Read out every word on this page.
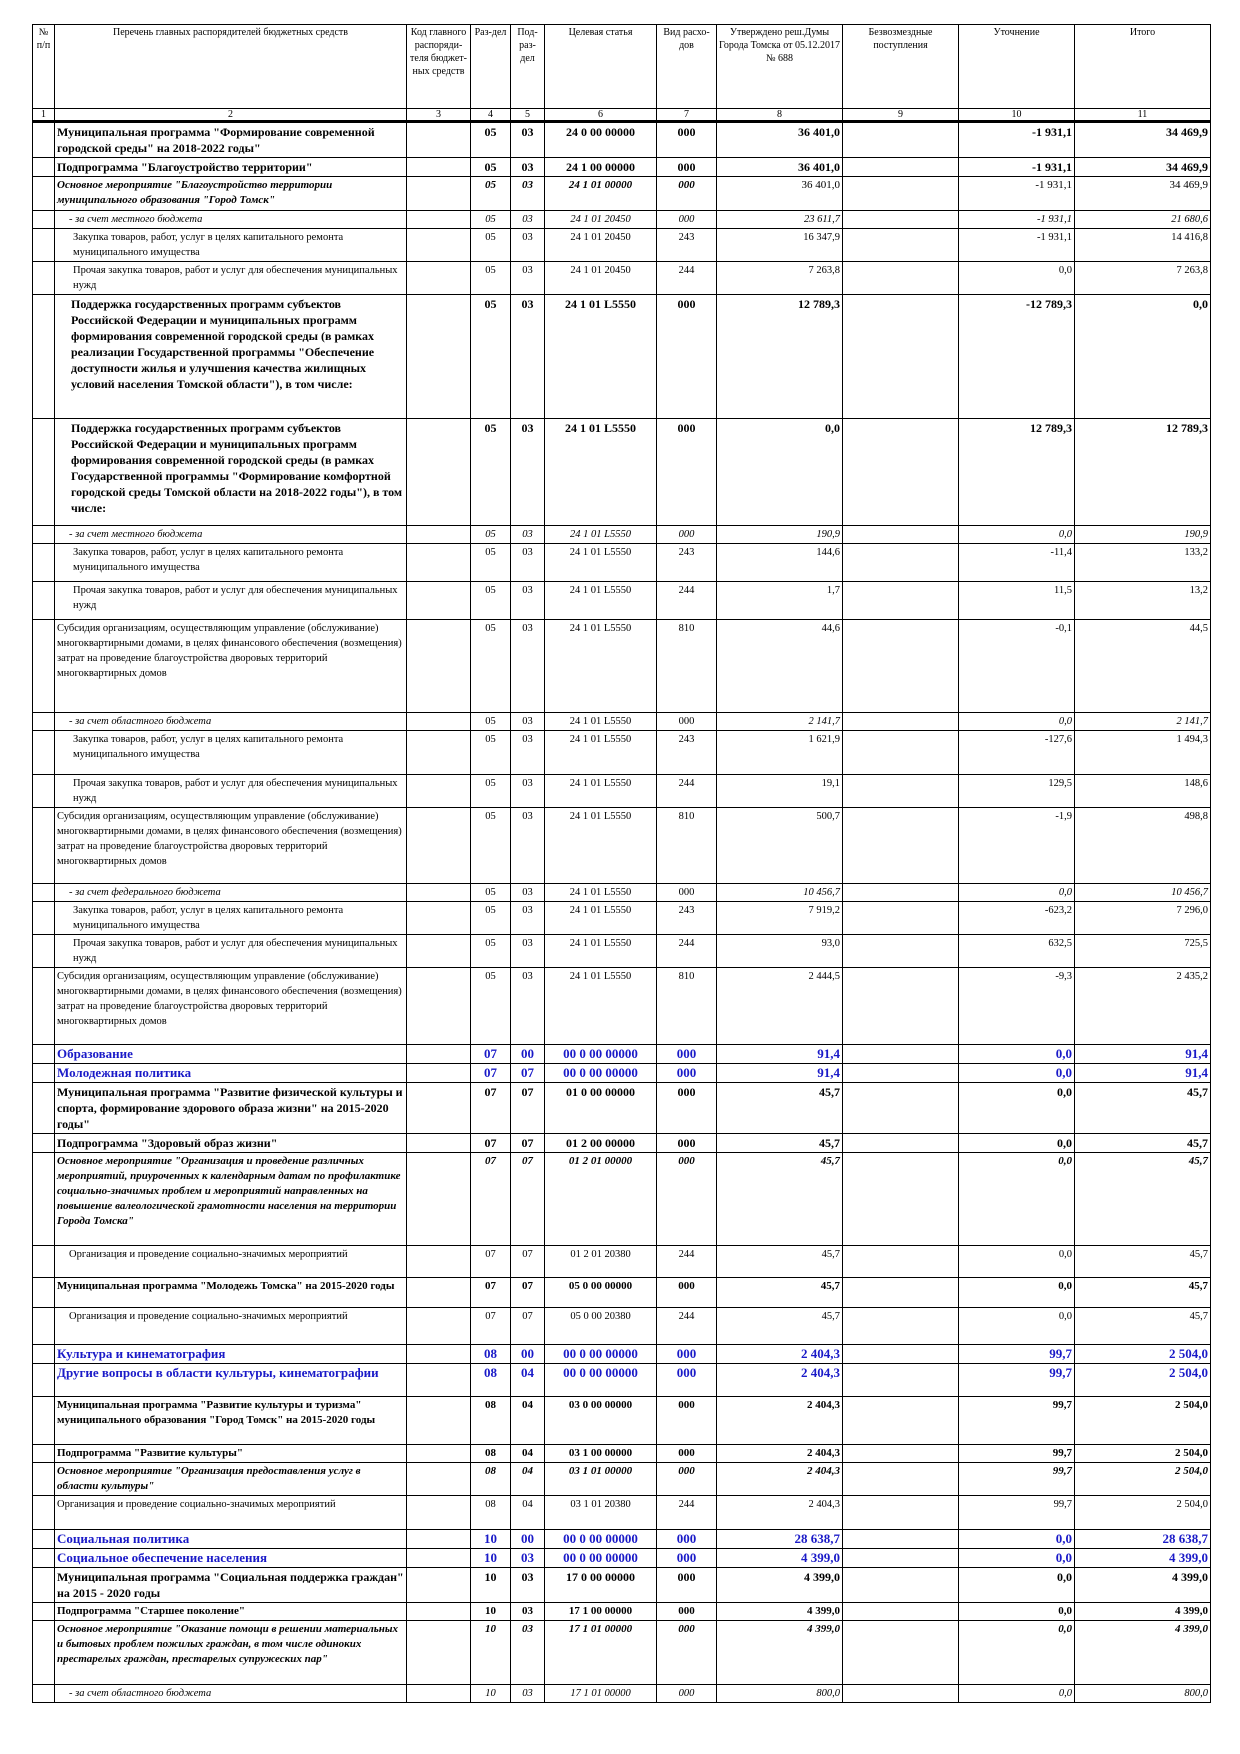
№ п/п	Перечень главных распорядителей бюджетных средств	Код главного распоряди-теля бюджет-ных средств	Раз-дел	Под-раз-дел	Целевая статья	Вид расхо-дов	Утверждено реш.Думы Города Томска от 05.12.2017 № 688	Безвозмездные поступления	Уточнение	Итого
1	2	3	4	5	6	7	8	9	10	11
	Муниципальная программа "Формирование современной городской среды" на 2018-2022 годы"		05	03	24 0 00 00000	000	36 401,0		-1 931,1	34 469,9
	Подпрограмма "Благоустройство территории"		05	03	24 1 00 00000	000	36 401,0		-1 931,1	34 469,9
	Основное мероприятие "Благоустройство территории муниципального образования "Город Томск"		05	03	24 1 01 00000	000	36 401,0		-1 931,1	34 469,9
	- за счет местного бюджета		05	03	24 1 01 20450	000	23 611,7		-1 931,1	21 680,6
	Закупка товаров, работ, услуг в целях капитального ремонта муниципального имущества		05	03	24 1 01 20450	243	16 347,9		-1 931,1	14 416,8
	Прочая закупка товаров, работ и услуг для обеспечения муниципальных нужд		05	03	24 1 01 20450	244	7 263,8		0,0	7 263,8
	Поддержка государственных программ субъектов Российской Федерации и муниципальных программ формирования современной городской среды (в рамках реализации Государственной программы "Обеспечение доступности жилья и улучшения качества жилищных условий населения Томской области"), в том числе:		05	03	24 1 01 L5550	000	12 789,3		-12 789,3	0,0
	Поддержка государственных программ субъектов Российской Федерации и муниципальных программ формирования современной городской среды (в рамках Государственной программы "Формирование комфортной городской среды Томской области на 2018-2022 годы"), в том числе:		05	03	24 1 01 L5550	000	0,0		12 789,3	12 789,3
	- за счет местного бюджета		05	03	24 1 01 L5550	000	190,9		0,0	190,9
	Закупка товаров, работ, услуг в целях капитального ремонта муниципального имущества		05	03	24 1 01 L5550	243	144,6		-11,4	133,2
	Прочая закупка товаров, работ и услуг для обеспечения муниципальных нужд		05	03	24 1 01 L5550	244	1,7		11,5	13,2
	Субсидия организациям, осуществляющим управление (обслуживание) многоквартирными домами, в целях финансового обеспечения (возмещения) затрат на проведение благоустройства дворовых территорий многоквартирных домов		05	03	24 1 01 L5550	810	44,6		-0,1	44,5
	- за счет областного бюджета		05	03	24 1 01 L5550	000	2 141,7		0,0	2 141,7
	Закупка товаров, работ, услуг в целях капитального ремонта муниципального имущества		05	03	24 1 01 L5550	243	1 621,9		-127,6	1 494,3
	Прочая закупка товаров, работ и услуг для обеспечения муниципальных нужд		05	03	24 1 01 L5550	244	19,1		129,5	148,6
	Субсидия организациям, осуществляющим управление (обслуживание) многоквартирными домами, в целях финансового обеспечения (возмещения) затрат на проведение благоустройства дворовых территорий многоквартирных домов		05	03	24 1 01 L5550	810	500,7		-1,9	498,8
	- за счет федерального бюджета		05	03	24 1 01 L5550	000	10 456,7		0,0	10 456,7
	Закупка товаров, работ, услуг в целях капитального ремонта муниципального имущества		05	03	24 1 01 L5550	243	7 919,2		-623,2	7 296,0
	Прочая закупка товаров, работ и услуг для обеспечения муниципальных нужд		05	03	24 1 01 L5550	244	93,0		632,5	725,5
	Субсидия организациям, осуществляющим управление (обслуживание) многоквартирными домами, в целях финансового обеспечения (возмещения) затрат на проведение благоустройства дворовых территорий многоквартирных домов		05	03	24 1 01 L5550	810	2 444,5		-9,3	2 435,2
	Образование		07	00	00 0 00 00000	000	91,4		0,0	91,4
	Молодежная политика		07	07	00 0 00 00000	000	91,4		0,0	91,4
	Муниципальная программа "Развитие физической культуры и спорта, формирование здорового образа жизни" на 2015-2020 годы"		07	07	01 0 00 00000	000	45,7		0,0	45,7
	Подпрограмма "Здоровый образ жизни"		07	07	01 2 00 00000	000	45,7		0,0	45,7
	Основное мероприятие "Организация и проведение различных мероприятий, приуроченных к календарным датам по профилактике социально-значимых проблем и мероприятий направленных на повышение валеологической грамотности населения на территории Города Томска"		07	07	01 2 01 00000	000	45,7		0,0	45,7
	Организация и проведение социально-значимых мероприятий		07	07	01 2 01 20380	244	45,7		0,0	45,7
	Муниципальная программа "Молодежь Томска" на 2015-2020 годы		07	07	05 0 00 00000	000	45,7		0,0	45,7
	Организация и проведение социально-значимых мероприятий		07	07	05 0 00 20380	244	45,7		0,0	45,7
	Культура и кинематография		08	00	00 0 00 00000	000	2 404,3		99,7	2 504,0
	Другие вопросы в области культуры, кинематографии		08	04	00 0 00 00000	000	2 404,3		99,7	2 504,0
	Муниципальная программа "Развитие культуры и туризма" муниципального образования "Город Томск" на 2015-2020 годы		08	04	03 0 00 00000	000	2 404,3		99,7	2 504,0
	Подпрограмма "Развитие культуры"		08	04	03 1 00 00000	000	2 404,3		99,7	2 504,0
	Основное мероприятие "Организация предоставления услуг в области культуры"		08	04	03 1 01 00000	000	2 404,3		99,7	2 504,0
	Организация и проведение социально-значимых мероприятий		08	04	03 1 01 20380	244	2 404,3		99,7	2 504,0
	Социальная политика		10	00	00 0 00 00000	000	28 638,7		0,0	28 638,7
	Социальное обеспечение населения		10	03	00 0 00 00000	000	4 399,0		0,0	4 399,0
	Муниципальная программа "Социальная поддержка граждан" на 2015 - 2020 годы		10	03	17 0 00 00000	000	4 399,0		0,0	4 399,0
	Подпрограмма "Старшее поколение"		10	03	17 1 00 00000	000	4 399,0		0,0	4 399,0
	Основное мероприятие "Оказание помощи в решении материальных и бытовых проблем пожилых граждан, в том числе одиноких престарелых граждан, престарелых супружеских пар"		10	03	17 1 01 00000	000	4 399,0		0,0	4 399,0
	- за счет областного бюджета		10	03	17 1 01 00000	000	800,0		0,0	800,0
